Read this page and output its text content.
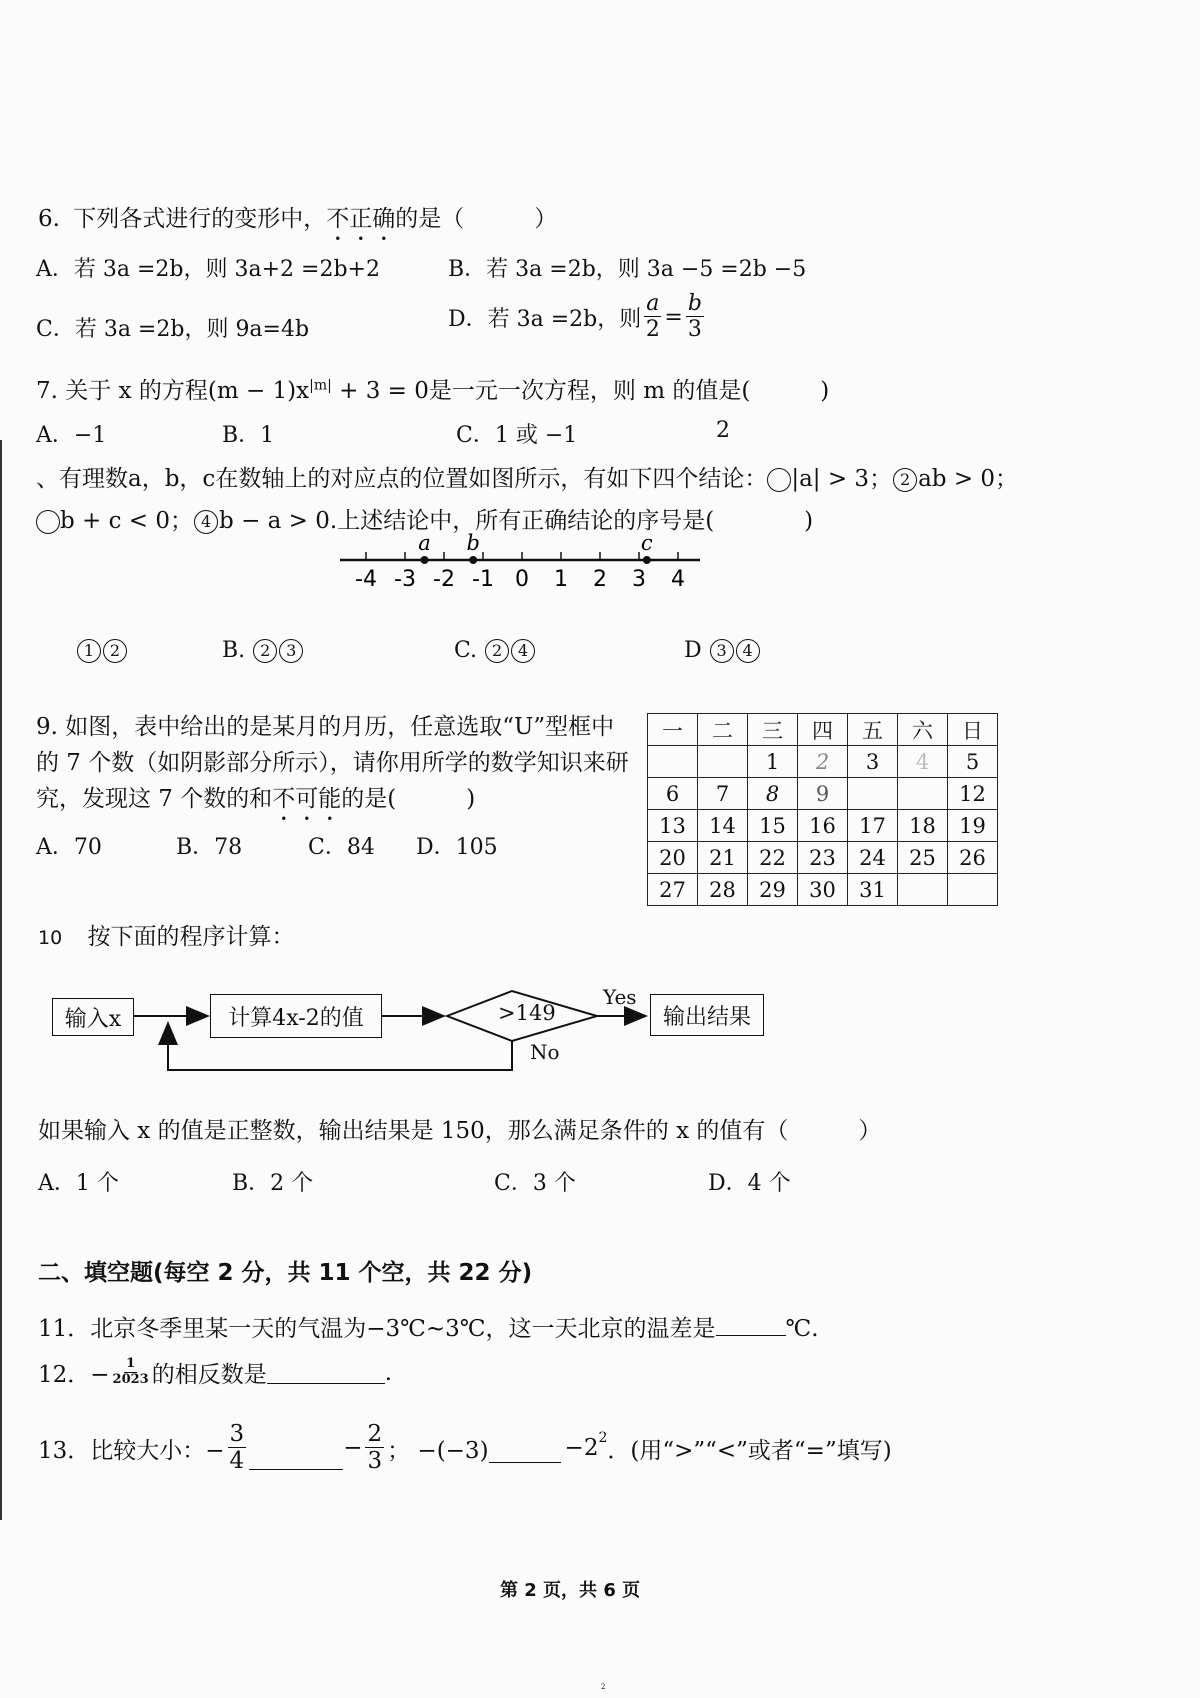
6. 下列各式进行的变形中，不正确的是（	）
A．若 3a =2b，则 3a+2 =2b+2	B．若 3a =2b，则 3a −5 =2b −5
C．若 3a =2b，则 9a=4b	D．若 3a =2b，则 $\frac{a}{2} = \frac{b}{3}$
7. 关于 x 的方程$(m - 1)x^{|m|} + 3 = 0$是一元一次方程，则 m 的值是(	)
A．−1	B．1	C．1 或 −1	2
、有理数a，b，c在数轴上的对应点的位置如图所示，有如下四个结论： |a| > 3； 2 ab > 0；
b + c < 0； 4 b − a > 0.上述结论中，所有正确结论的序号是(	)
-4 -3 -2 -1 0 1 2 3 4
a b	c
1 2	B. 2 3	C. 2 4	D 3 4
9. 如图，表中给出的是某月的月历，任意选取“U”型框中
的 7 个数（如阴影部分所示），请你用所学的数学知识来研
究，发现这 7 个数的和不可能的是(	)
A．70	B．78	C．84 D．105
一	二	三	四	五	六	日
		1	2	3	4	5
6	7	8	9			12
13	14	15	16	17	18	19
20	21	22	23	24	25	26
27	28	29	30	31		
10 按下面的程序计算：
输入x	计算4x-2的值	>149
Yes
No
输出结果
如果输入 x 的值是正整数，输出结果是 150，那么满足条件的 x 的值有（	）
A．1 个	B．2 个	C．3 个	D．4 个
二、填空题(每空 2 分，共 11 个空，共 22 分)
11．北京冬季里某一天的气温为−3℃~3℃，这一天北京的温差是	℃.
12．− $\frac{1}{2023}$ 的相反数是	.
13．比较大小：− $\frac{3}{4}$	− $\frac{2}{3}$ ； −(−3)	$-2^2$ ．(用“>”“<”或者“=”填写)
第 2 页，共 6 页
2
